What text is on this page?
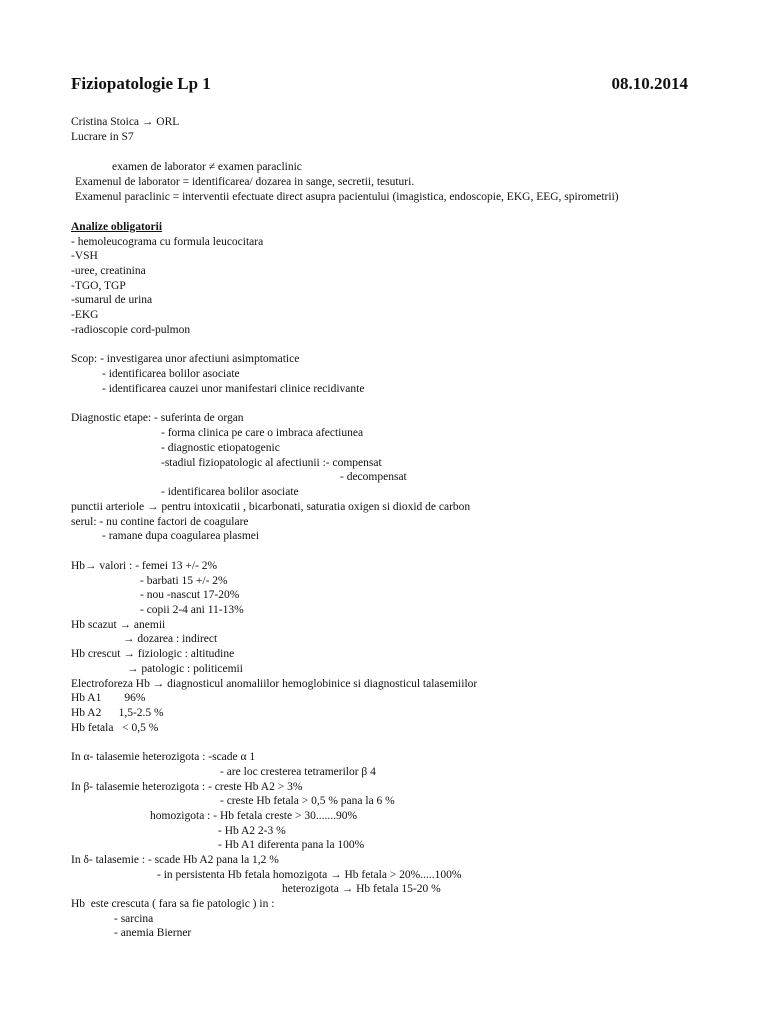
Fiziopatologie Lp 1	08.10.2014
Cristina Stoica → ORL
Lucrare in S7
examen de laborator ≠ examen paraclinic
Examenul de laborator = identificarea/ dozarea in sange, secretii, tesuturi.
Examenul paraclinic = interventii efectuate direct asupra pacientului (imagistica, endoscopie, EKG, EEG, spirometrii)
Analize obligatorii
- hemoleucograma cu formula leucocitara
-VSH
-uree, creatinina
-TGO, TGP
-sumarul de urina
-EKG
-radioscopie cord-pulmon
Scop: - investigarea unor afectiuni asimptomatice
- identificarea bolilor asociate
- identificarea cauzei unor manifestari clinice recidivante
Diagnostic etape: - suferinta de organ
- forma clinica pe care o imbraca afectiunea
- diagnostic etiopatogenic
-stadiul fiziopatologic al afectiunii :- compensat
- decompensat
- identificarea bolilor asociate
punctii arteriole → pentru intoxicatii , bicarbonati, saturatia oxigen si dioxid de carbon
serul: - nu contine factori de coagulare
- ramane dupa coagularea plasmei
Hb→ valori : - femei 13 +/- 2%
- barbati 15 +/- 2%
- nou -nascut 17-20%
- copii 2-4 ani 11-13%
Hb scazut → anemii
→ dozarea : indirect
Hb crescut → fiziologic : altitudine
→ patologic : politicemii
Electroforeza Hb → diagnosticul anomaliilor hemoglobinice si diagnosticul talasemiilor
Hb A1        96%
Hb A2      1,5-2.5 %
Hb fetala   < 0,5 %
In α- talasemie heterozigota : -scade α 1
- are loc cresterea tetramerilor β 4
In β- talasemie heterozigota : - creste Hb A2 > 3%
- creste Hb fetala > 0,5 % pana la 6 %
homozigota : - Hb fetala creste > 30.......90%
- Hb A2 2-3 %
- Hb A1 diferenta pana la 100%
In δ- talasemie : - scade Hb A2 pana la 1,2 %
- in persistenta Hb fetala homozigota → Hb fetala > 20%.....100%
heterozigota → Hb fetala 15-20 %
Hb  este crescuta ( fara sa fie patologic ) in :
- sarcina
- anemia Bierner
